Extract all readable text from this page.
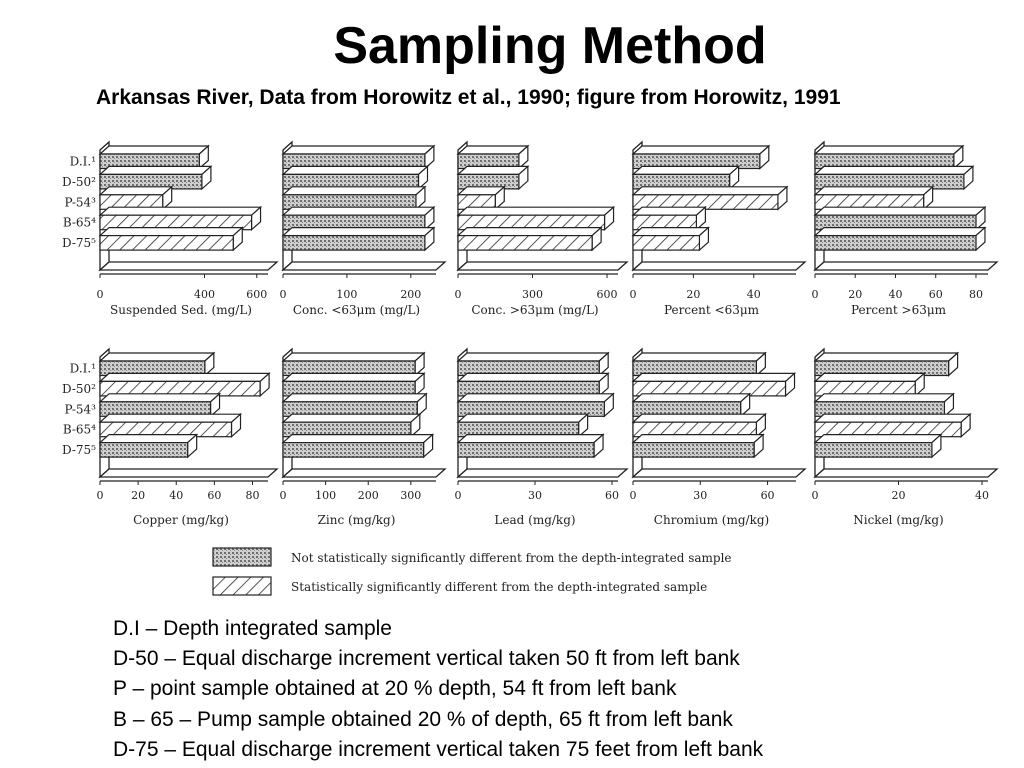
Sampling Method
Arkansas River, Data from Horowitz et al., 1990; figure from Horowitz, 1991
D.I.¹
D-50²
P-54³
B-65⁴
D-75⁵
0	400	600
Suspended Sed. (mg/L)
0	100	200
Conc. <63μm (mg/L)
0	300	600
Conc. >63μm (mg/L)
0	20	40
Percent <63μm
0	20 40 60 80
Percent >63μm
D.I.¹
D-50²
P-54³
B-65⁴
D-75⁵
0	20 40 60 80
Copper (mg/kg)
0	100 200 300
Zinc (mg/kg)
0	30	60
Lead (mg/kg)
0	30	60
Chromium (mg/kg)
0	20	40
Nickel (mg/kg)
Not statistically significantly different from the depth-integrated sample
Statistically significantly different from the depth-integrated sample
D.I – Depth integrated sample
D-50 – Equal discharge increment vertical taken 50 ft from left bank
P – point sample obtained at 20 % depth, 54 ft from left bank
B – 65 – Pump sample obtained 20 % of depth, 65 ft from left bank
D-75 – Equal discharge increment vertical taken 75 feet from left bank
